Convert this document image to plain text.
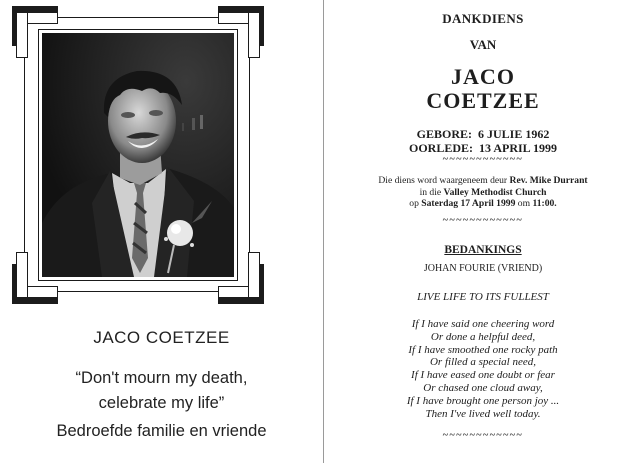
JACO COETZEE
“Don't mourn my death,
celebrate my life”
Bedroefde familie en vriende
DANKDIENS
VAN
JACO
COETZEE
GEBORE: 6 JULIE 1962
OORLEDE: 13 APRIL 1999
~~~~~~~~~~~~
Die diens word waargeneem deur Rev. Mike Durrant
in die Valley Methodist Church
op Saterdag 17 April 1999 om 11:00.
~~~~~~~~~~~~
BEDANKINGS
JOHAN FOURIE (VRIEND)
LIVE LIFE TO ITS FULLEST
If I have said one cheering word
Or done a helpful deed,
If I have smoothed one rocky path
Or filled a special need,
If I have eased one doubt or fear
Or chased one cloud away,
If I have brought one person joy ...
Then I've lived well today.
~~~~~~~~~~~~
